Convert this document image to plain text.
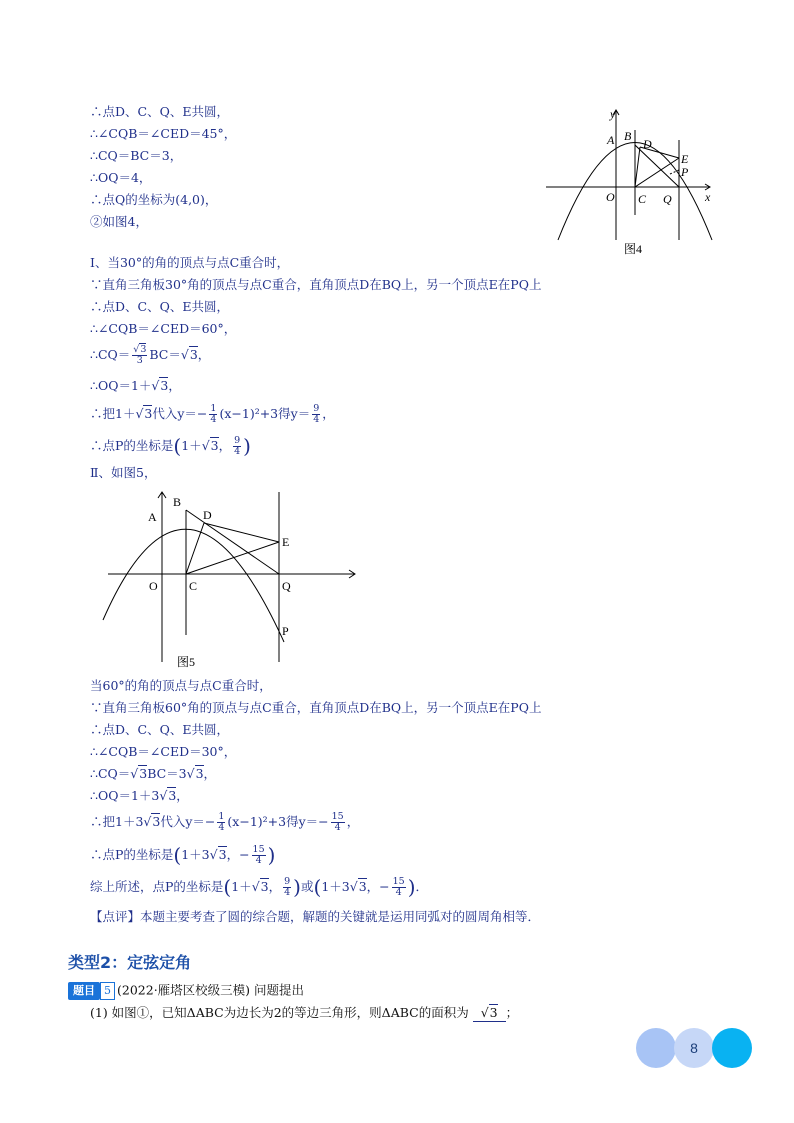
∴点D、C、Q、E共圆，
∴∠CQB＝∠CED＝45°，
∴CQ＝BC＝3，
∴OQ＝4，
∴点Q的坐标为(4,0)，
②如图4，
y
x
A B
D
E
P
O C Q
图4
Ⅰ、当30°的角的顶点与点C重合时，
∵直角三角板30°角的顶点与点C重合，直角顶点D在BQ上，另一个顶点E在PQ上
∴点D、C、Q、E共圆，
∴∠CQB＝∠CED＝60°，
∴CQ＝ $\frac{√3}{3} BC=√3$，
∴OQ＝1＋√3，
∴把1＋√3代入$y=- \frac{1}{4} (x-1)^2+3$得$y= \frac{9}{4}$ ，
∴点P的坐标是(1＋√3， $\frac{9}{4}$ )
Ⅱ、如图5，
A
B
D
E
O	C	Q
P
图5
当60°的角的顶点与点C重合时，
∵直角三角板60°角的顶点与点C重合，直角顶点D在BQ上，另一个顶点E在PQ上
∴点D、C、Q、E共圆，
∴∠CQB＝∠CED＝30°，
∴CQ＝√3BC＝3√3，
∴OQ＝1＋3√3，
∴把1＋3√3代入$y=- \frac{1}{4} (x-1)^2+3$得$y=- \frac{15}{4}$ ，
∴点P的坐标是(1＋3√3，− $\frac{15}{4}$ )
综上所述，点P的坐标是(1＋√3， $\frac{9}{4}$ )或(1＋3√3，− $\frac{15}{4}$ )．
【点评】本题主要考查了圆的综合题，解题的关键就是运用同弧对的圆周角相等．
类型2：定弦定角
题目 5 (2022·雁塔区校级三模) 问题提出
(1) 如图①，已知ΔABC为边长为2的等边三角形，则ΔABC的面积为 √3 ；
8
